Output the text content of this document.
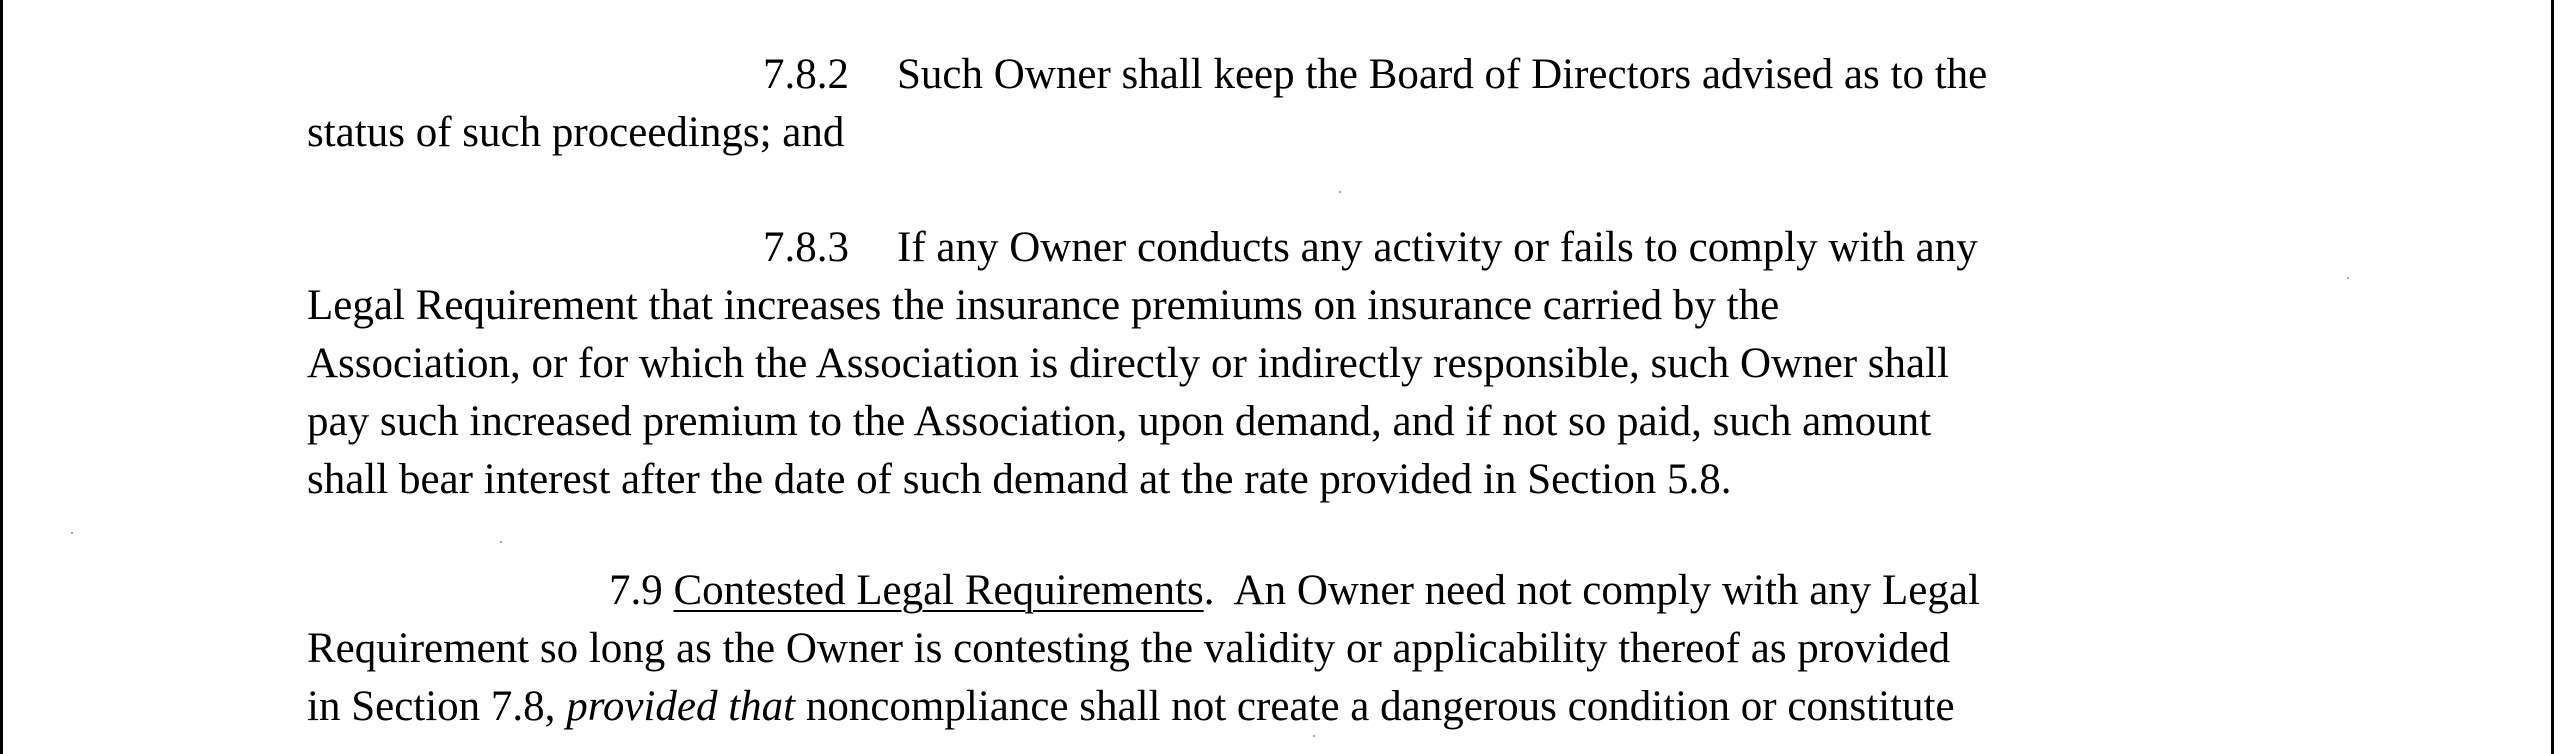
7.8.2 Such Owner shall keep the Board of Directors advised as to the
status of such proceedings; and
7.8.3 If any Owner conducts any activity or fails to comply with any
Legal Requirement that increases the insurance premiums on insurance carried by the
Association, or for which the Association is directly or indirectly responsible, such Owner shall
pay such increased premium to the Association, upon demand, and if not so paid, such amount
shall bear interest after the date of such demand at the rate provided in Section 5.8.
7.9 Contested Legal Requirements.  An Owner need not comply with any Legal
Requirement so long as the Owner is contesting the validity or applicability thereof as provided
in Section 7.8, provided that noncompliance shall not create a dangerous condition or constitute
